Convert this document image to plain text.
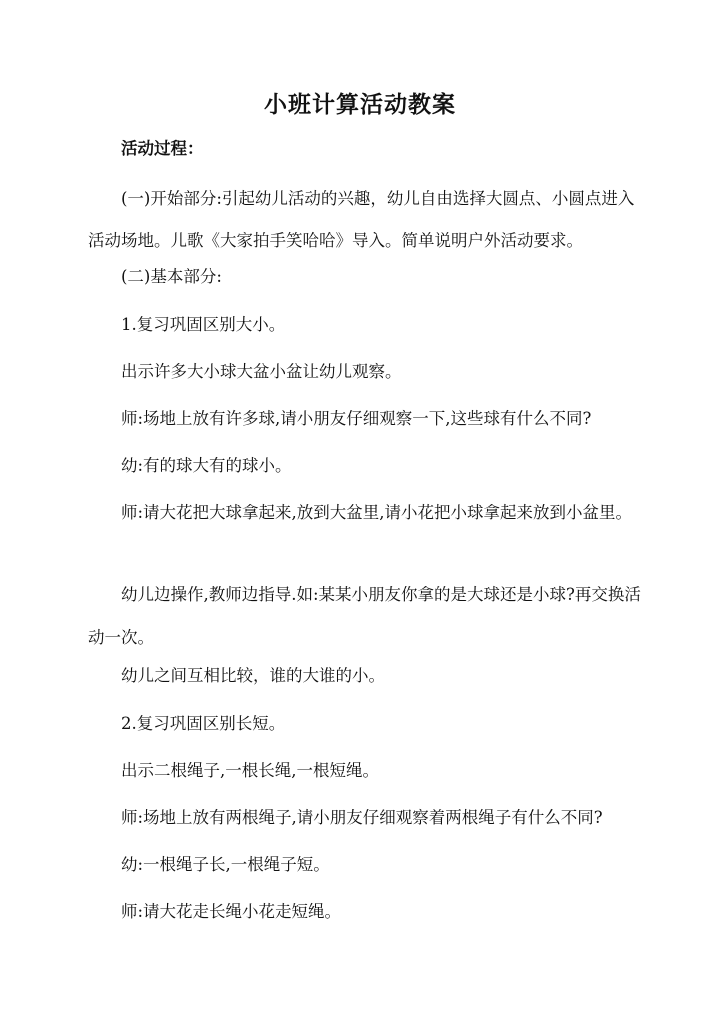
小班计算活动教案
活动过程：
(一)开始部分:引起幼儿活动的兴趣，幼儿自由选择大圆点、小圆点进入活动场地。儿歌《大家拍手笑哈哈》导入。简单说明户外活动要求。
(二)基本部分:
1.复习巩固区别大小。
出示许多大小球大盆小盆让幼儿观察。
师:场地上放有许多球,请小朋友仔细观察一下,这些球有什么不同?
幼:有的球大有的球小。
师:请大花把大球拿起来,放到大盆里,请小花把小球拿起来放到小盆里。
幼儿边操作,教师边指导.如:某某小朋友你拿的是大球还是小球?再交换活动一次。
幼儿之间互相比较，谁的大谁的小。
2.复习巩固区别长短。
出示二根绳子,一根长绳,一根短绳。
师:场地上放有两根绳子,请小朋友仔细观察着两根绳子有什么不同?
幼:一根绳子长,一根绳子短。
师:请大花走长绳小花走短绳。
